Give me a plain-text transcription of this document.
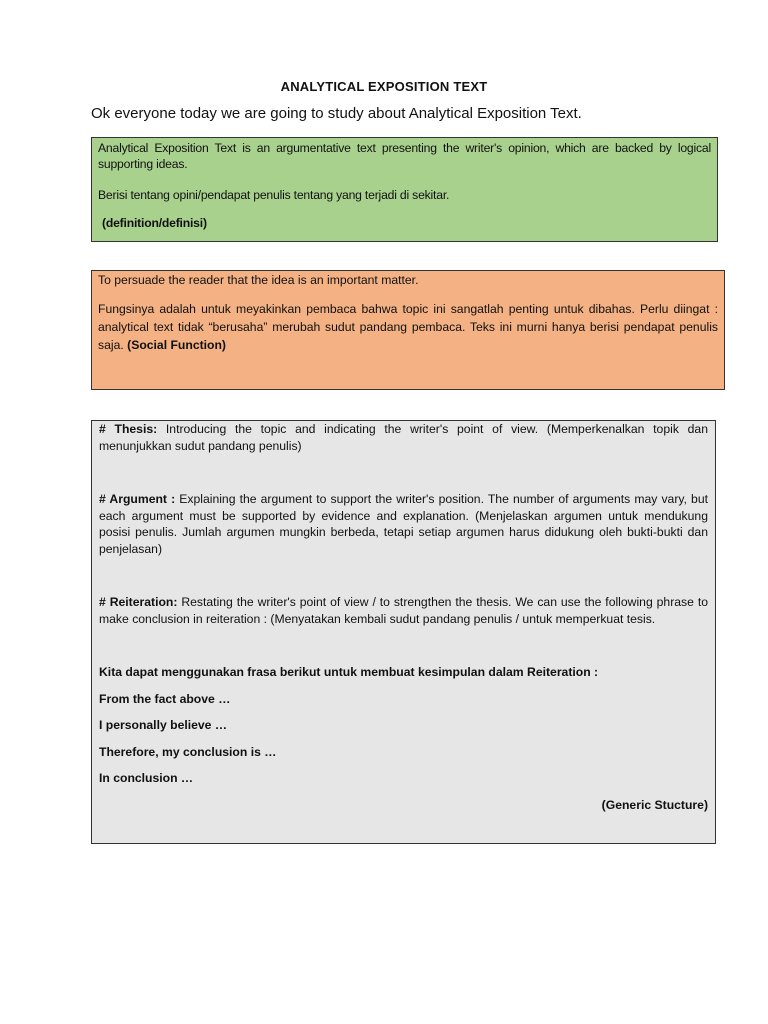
ANALYTICAL EXPOSITION TEXT
Ok everyone today we are going to study about Analytical Exposition Text.

Analytical Exposition Text is an argumentative text presenting the writer's opinion, which are backed by logical supporting ideas.

Berisi tentang opini/pendapat penulis tentang yang terjadi di sekitar.

(definition/definisi)

To persuade the reader that the idea is an important matter.

Fungsinya adalah untuk meyakinkan pembaca bahwa topic ini sangatlah penting untuk dibahas. Perlu diingat : analytical text tidak “berusaha” merubah sudut pandang pembaca. Teks ini murni hanya berisi pendapat penulis saja. (Social Function)

# Thesis: Introducing the topic and indicating the writer's point of view. (Memperkenalkan topik dan menunjukkan sudut pandang penulis)

# Argument : Explaining the argument to support the writer's position. The number of arguments may vary, but each argument must be supported by evidence and explanation. (Menjelaskan argumen untuk mendukung posisi penulis. Jumlah argumen mungkin berbeda, tetapi setiap argumen harus didukung oleh bukti-bukti dan penjelasan)

# Reiteration: Restating the writer's point of view / to strengthen the thesis. We can use the following phrase to make conclusion in reiteration : (Menyatakan kembali sudut pandang penulis / untuk memperkuat tesis.

Kita dapat menggunakan frasa berikut untuk membuat kesimpulan dalam Reiteration :

From the fact above …

I personally believe …

Therefore, my conclusion is …

In conclusion …

(Generic Stucture)
